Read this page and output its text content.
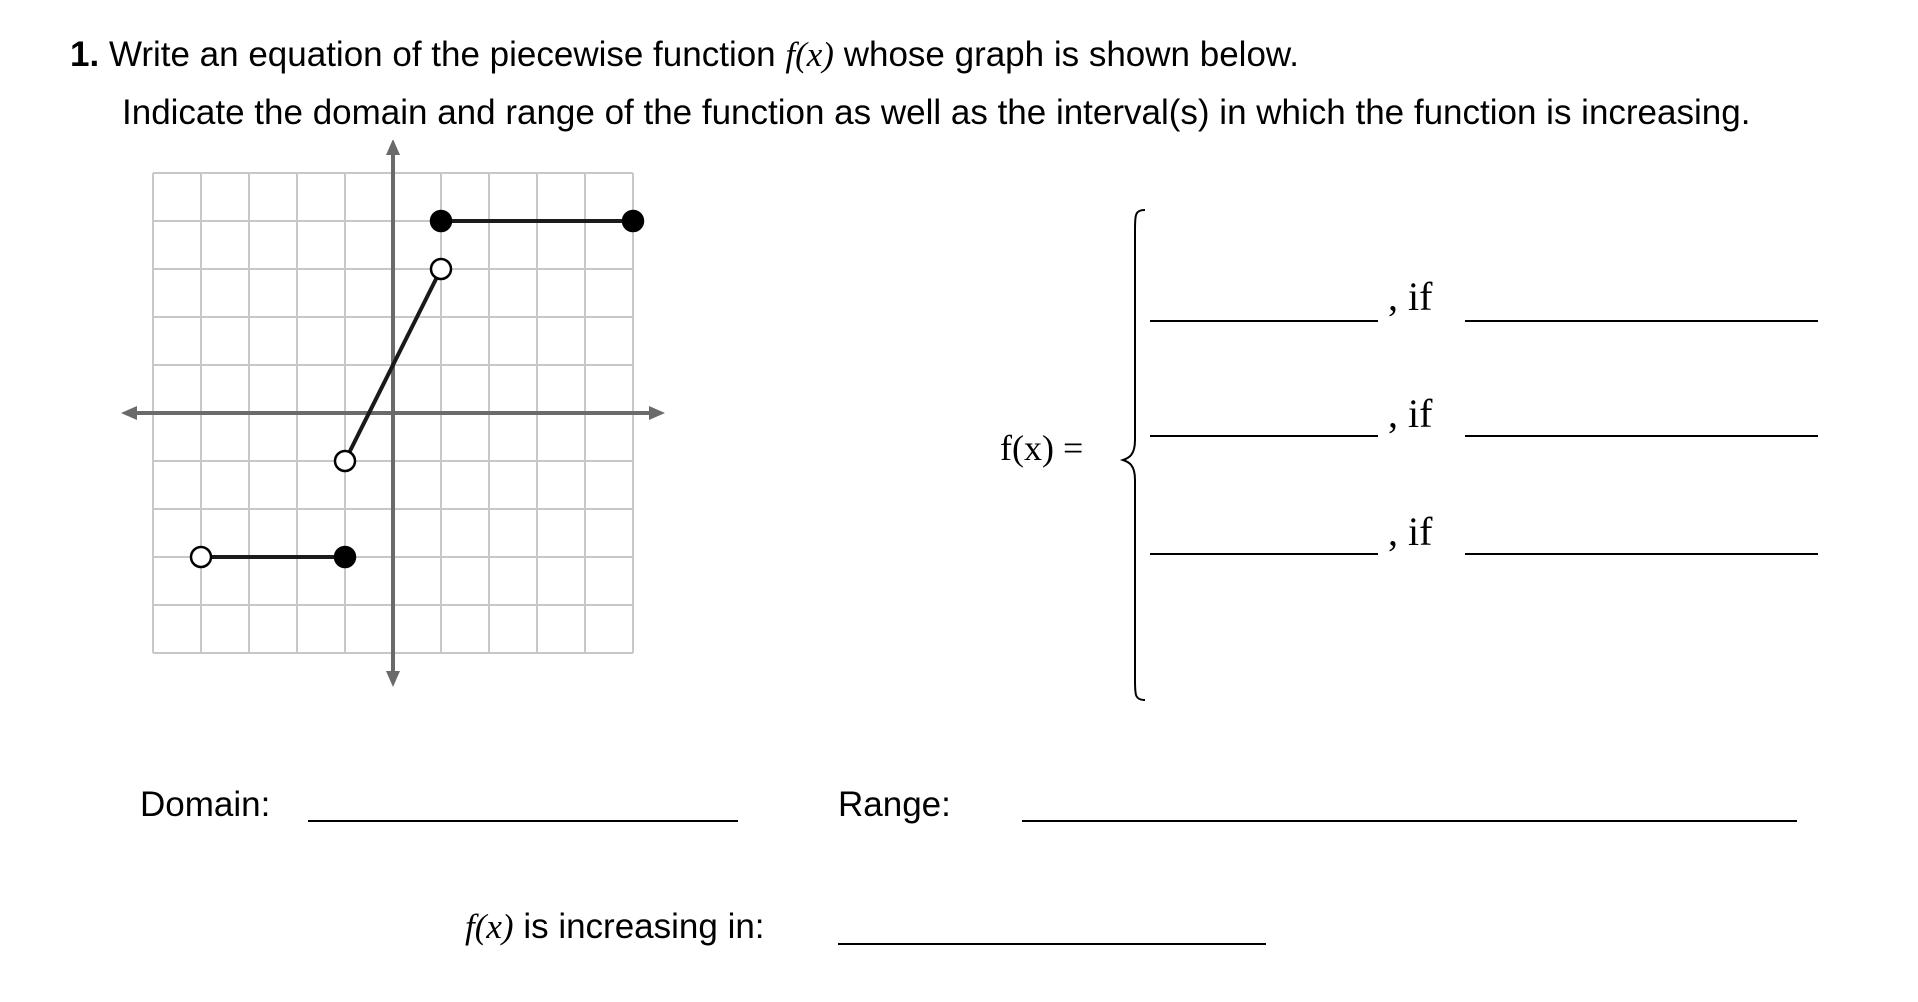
1. Write an equation of the piecewise function f(x) whose graph is shown below.
Indicate the domain and range of the function as well as the interval(s) in which the function is increasing.
f(x) =
, if
, if
, if
Domain:	Range:
f(x) is increasing in:
